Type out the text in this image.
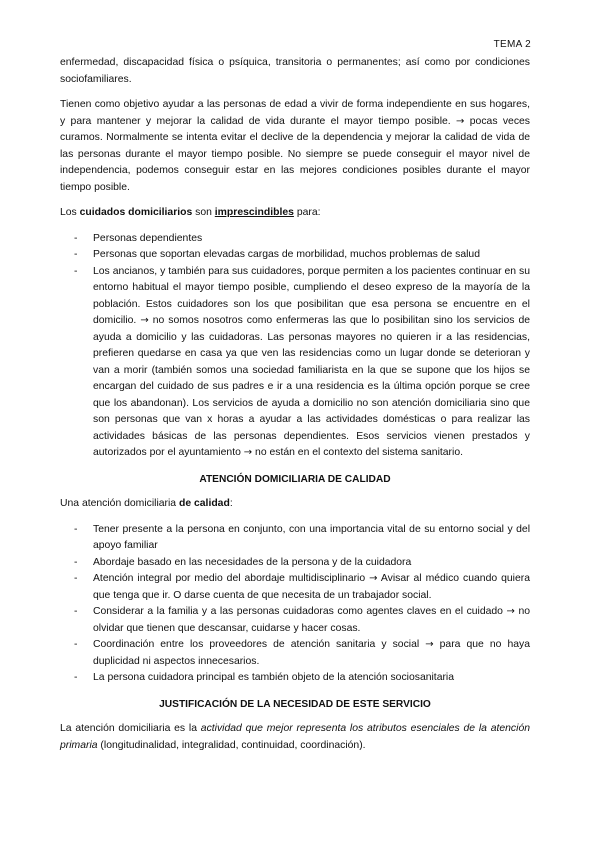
TEMA 2

enfermedad, discapacidad física o psíquica, transitoria o permanentes; así como por condiciones sociofamiliares.

Tienen como objetivo ayudar a las personas de edad a vivir de forma independiente en sus hogares, y para mantener y mejorar la calidad de vida durante el mayor tiempo posible. → pocas veces curamos. Normalmente se intenta evitar el declive de la dependencia y mejorar la calidad de vida de las personas durante el mayor tiempo posible. No siempre se puede conseguir el mayor nivel de independencia, podemos conseguir estar en las mejores condiciones posibles durante el mayor tiempo posible.

Los cuidados domiciliarios son imprescindibles para:

- Personas dependientes
- Personas que soportan elevadas cargas de morbilidad, muchos problemas de salud
- Los ancianos, y también para sus cuidadores, porque permiten a los pacientes continuar en su entorno habitual el mayor tiempo posible, cumpliendo el deseo expreso de la mayoría de la población. Estos cuidadores son los que posibilitan que esa persona se encuentre en el domicilio. → no somos nosotros como enfermeras las que lo posibilitan sino los servicios de ayuda a domicilio y las cuidadoras. Las personas mayores no quieren ir a las residencias, prefieren quedarse en casa ya que ven las residencias como un lugar donde se deterioran y van a morir (también somos una sociedad familiarista en la que se supone que los hijos se encargan del cuidado de sus padres e ir a una residencia es la última opción porque se cree que los abandonan). Los servicios de ayuda a domicilio no son atención domiciliaria sino que son personas que van x horas a ayudar a las actividades domésticas o para realizar las actividades básicas de las personas dependientes. Esos servicios vienen prestados y autorizados por el ayuntamiento → no están en el contexto del sistema sanitario.
ATENCIÓN DOMICILIARIA DE CALIDAD

Una atención domiciliaria de calidad:

- Tener presente a la persona en conjunto, con una importancia vital de su entorno social y del apoyo familiar
- Abordaje basado en las necesidades de la persona y de la cuidadora
- Atención integral por medio del abordaje multidisciplinario → Avisar al médico cuando quiera que tenga que ir. O darse cuenta de que necesita de un trabajador social.
- Considerar a la familia y a las personas cuidadoras como agentes claves en el cuidado → no olvidar que tienen que descansar, cuidarse y hacer cosas.
- Coordinación entre los proveedores de atención sanitaria y social → para que no haya duplicidad ni aspectos innecesarios.
- La persona cuidadora principal es también objeto de la atención sociosanitaria
JUSTIFICACIÓN DE LA NECESIDAD DE ESTE SERVICIO

La atención domiciliaria es la actividad que mejor representa los atributos esenciales de la atención primaria (longitudinalidad, integralidad, continuidad, coordinación).
